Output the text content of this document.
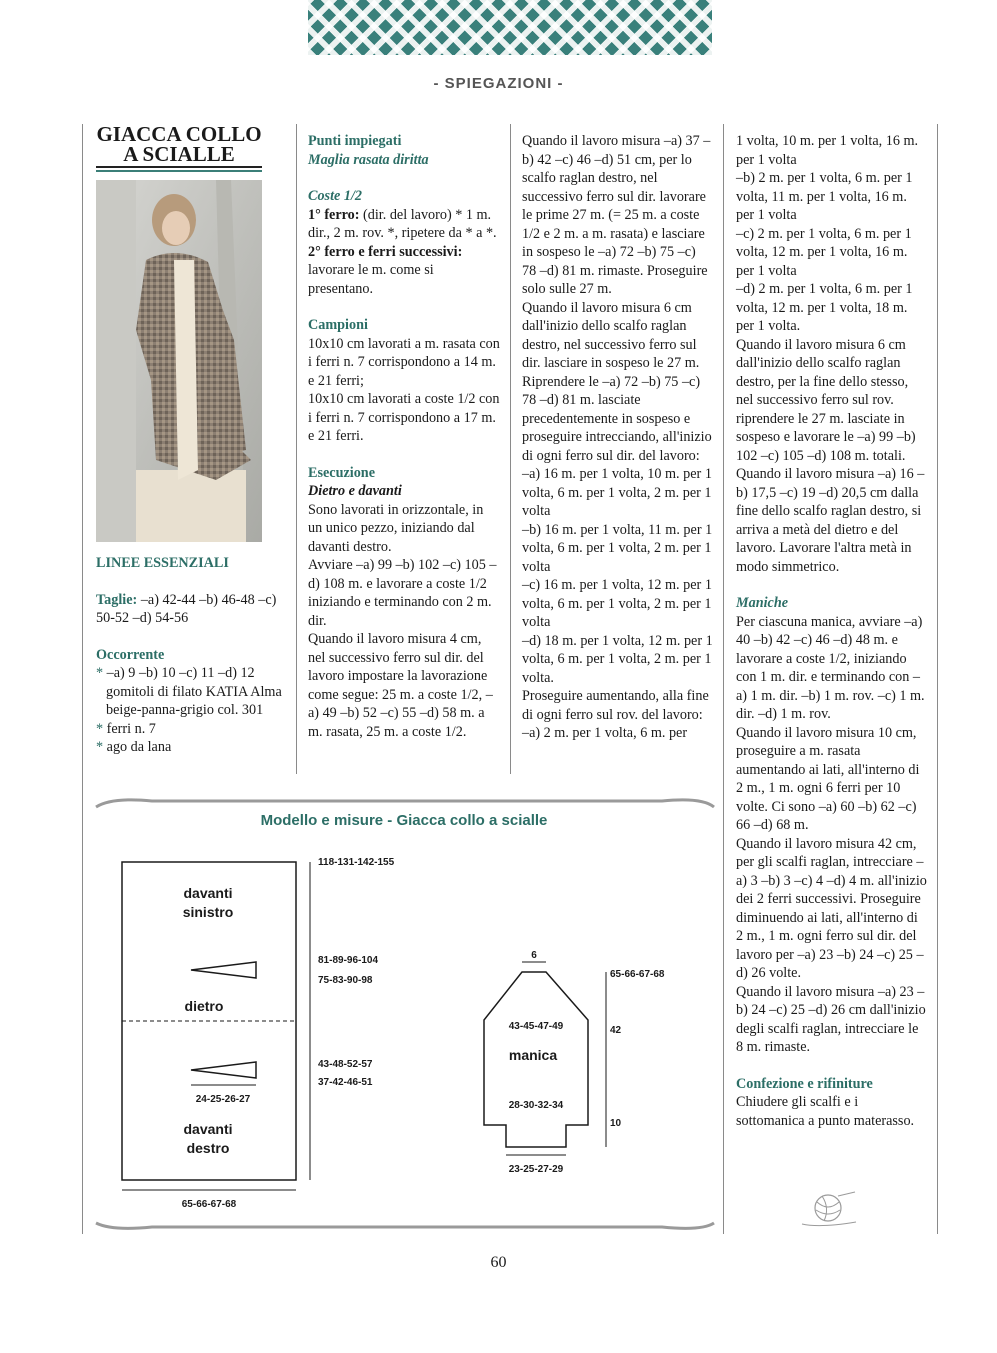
- SPIEGAZIONI -
GIACCA COLLO
A SCIALLE

LINEE ESSENZIALI

Taglie: –a) 42-44 –b) 46-48 –c) 50-52 –d) 54-56

Occorrente

* –a) 9 –b) 10 –c) 11 –d) 12 gomitoli di filato KATIA Alma beige-panna-grigio col. 301

* ferri n. 7

* ago da lana

Punti impiegati

Maglia rasata diritta

Coste 1/2

1° ferro: (dir. del lavoro) * 1 m. dir., 2 m. rov. *, ripetere da * a *.

2° ferro e ferri successivi: lavorare le m. come si presentano.

Campioni

10x10 cm lavorati a m. rasata con i ferri n. 7 corrispondono a 14 m. e 21 ferri;

10x10 cm lavorati a coste 1/2 con i ferri n. 7 corrispondono a 17 m. e 21 ferri.

Esecuzione

Dietro e davanti

Sono lavorati in orizzontale, in un unico pezzo, iniziando dal davanti destro.

Avviare –a) 99 –b) 102 –c) 105 –d) 108 m. e lavorare a coste 1/2 iniziando e terminando con 2 m. dir.

Quando il lavoro misura 4 cm, nel successivo ferro sul dir. del lavoro impostare la lavorazione come segue: 25 m. a coste 1/2, –a) 49 –b) 52 –c) 55 –d) 58 m. a m. rasata, 25 m. a coste 1/2.

Quando il lavoro misura –a) 37 –b) 42 –c) 46 –d) 51 cm, per lo scalfo raglan destro, nel successivo ferro sul dir. lavorare le prime 27 m. (= 25 m. a coste 1/2 e 2 m. a m. rasata) e lasciare in sospeso le –a) 72 –b) 75 –c) 78 –d) 81 m. rimaste. Proseguire solo sulle 27 m.

Quando il lavoro misura 6 cm dall'inizio dello scalfo raglan destro, nel successivo ferro sul dir. lasciare in sospeso le 27 m. Riprendere le –a) 72 –b) 75 –c) 78 –d) 81 m. lasciate precedentemente in sospeso e proseguire intrecciando, all'inizio di ogni ferro sul dir. del lavoro:

–a) 16 m. per 1 volta, 10 m. per 1 volta, 6 m. per 1 volta, 2 m. per 1 volta

–b) 16 m. per 1 volta, 11 m. per 1 volta, 6 m. per 1 volta, 2 m. per 1 volta

–c) 16 m. per 1 volta, 12 m. per 1 volta, 6 m. per 1 volta, 2 m. per 1 volta

–d) 18 m. per 1 volta, 12 m. per 1 volta, 6 m. per 1 volta, 2 m. per 1 volta.

Proseguire aumentando, alla fine di ogni ferro sul rov. del lavoro:

–a) 2 m. per 1 volta, 6 m. per

1 volta, 10 m. per 1 volta, 16 m. per 1 volta

–b) 2 m. per 1 volta, 6 m. per 1 volta, 11 m. per 1 volta, 16 m. per 1 volta

–c) 2 m. per 1 volta, 6 m. per 1 volta, 12 m. per 1 volta, 16 m. per 1 volta

–d) 2 m. per 1 volta, 6 m. per 1 volta, 12 m. per 1 volta, 18 m. per 1 volta.

Quando il lavoro misura 6 cm dall'inizio dello scalfo raglan destro, per la fine dello stesso, nel successivo ferro sul rov. riprendere le 27 m. lasciate in sospeso e lavorare le –a) 99 –b) 102 –c) 105 –d) 108 m. totali.

Quando il lavoro misura –a) 16 –b) 17,5 –c) 19 –d) 20,5 cm dalla fine dello scalfo raglan destro, si arriva a metà del dietro e del lavoro. Lavorare l'altra metà in modo simmetrico.

Maniche

Per ciascuna manica, avviare –a) 40 –b) 42 –c) 46 –d) 48 m. e lavorare a coste 1/2, iniziando con 1 m. dir. e terminando con –a) 1 m. dir. –b) 1 m. rov. –c) 1 m. dir. –d) 1 m. rov.

Quando il lavoro misura 10 cm, proseguire a m. rasata aumentando ai lati, all'interno di 2 m., 1 m. ogni 6 ferri per 10 volte. Ci sono –a) 60 –b) 62 –c) 66 –d) 68 m.

Quando il lavoro misura 42 cm, per gli scalfi raglan, intrecciare –a) 3 –b) 3 –c) 4 –d) 4 m. all'inizio dei 2 ferri successivi. Proseguire diminuendo ai lati, all'interno di 2 m., 1 m. ogni ferro sul dir. del lavoro per –a) 23 –b) 24 –c) 25 –d) 26 volte.

Quando il lavoro misura –a) 23 –b) 24 –c) 25 –d) 26 cm dall'inizio degli scalfi raglan, intrecciare le 8 m. rimaste.

Confezione e rifiniture

Chiudere gli scalfi e i sottomanica a punto materasso.

Modello e misure - Giacca collo a scialle
davanti
sinistro
dietro
davanti
destro
24-25-26-27
65-66-67-68
118-131-142-155
81-89-96-104
75-83-90-98
43-48-52-57
37-42-46-51
6
65-66-67-68
42
10
43-45-47-49
manica
28-30-32-34
23-25-27-29
60
